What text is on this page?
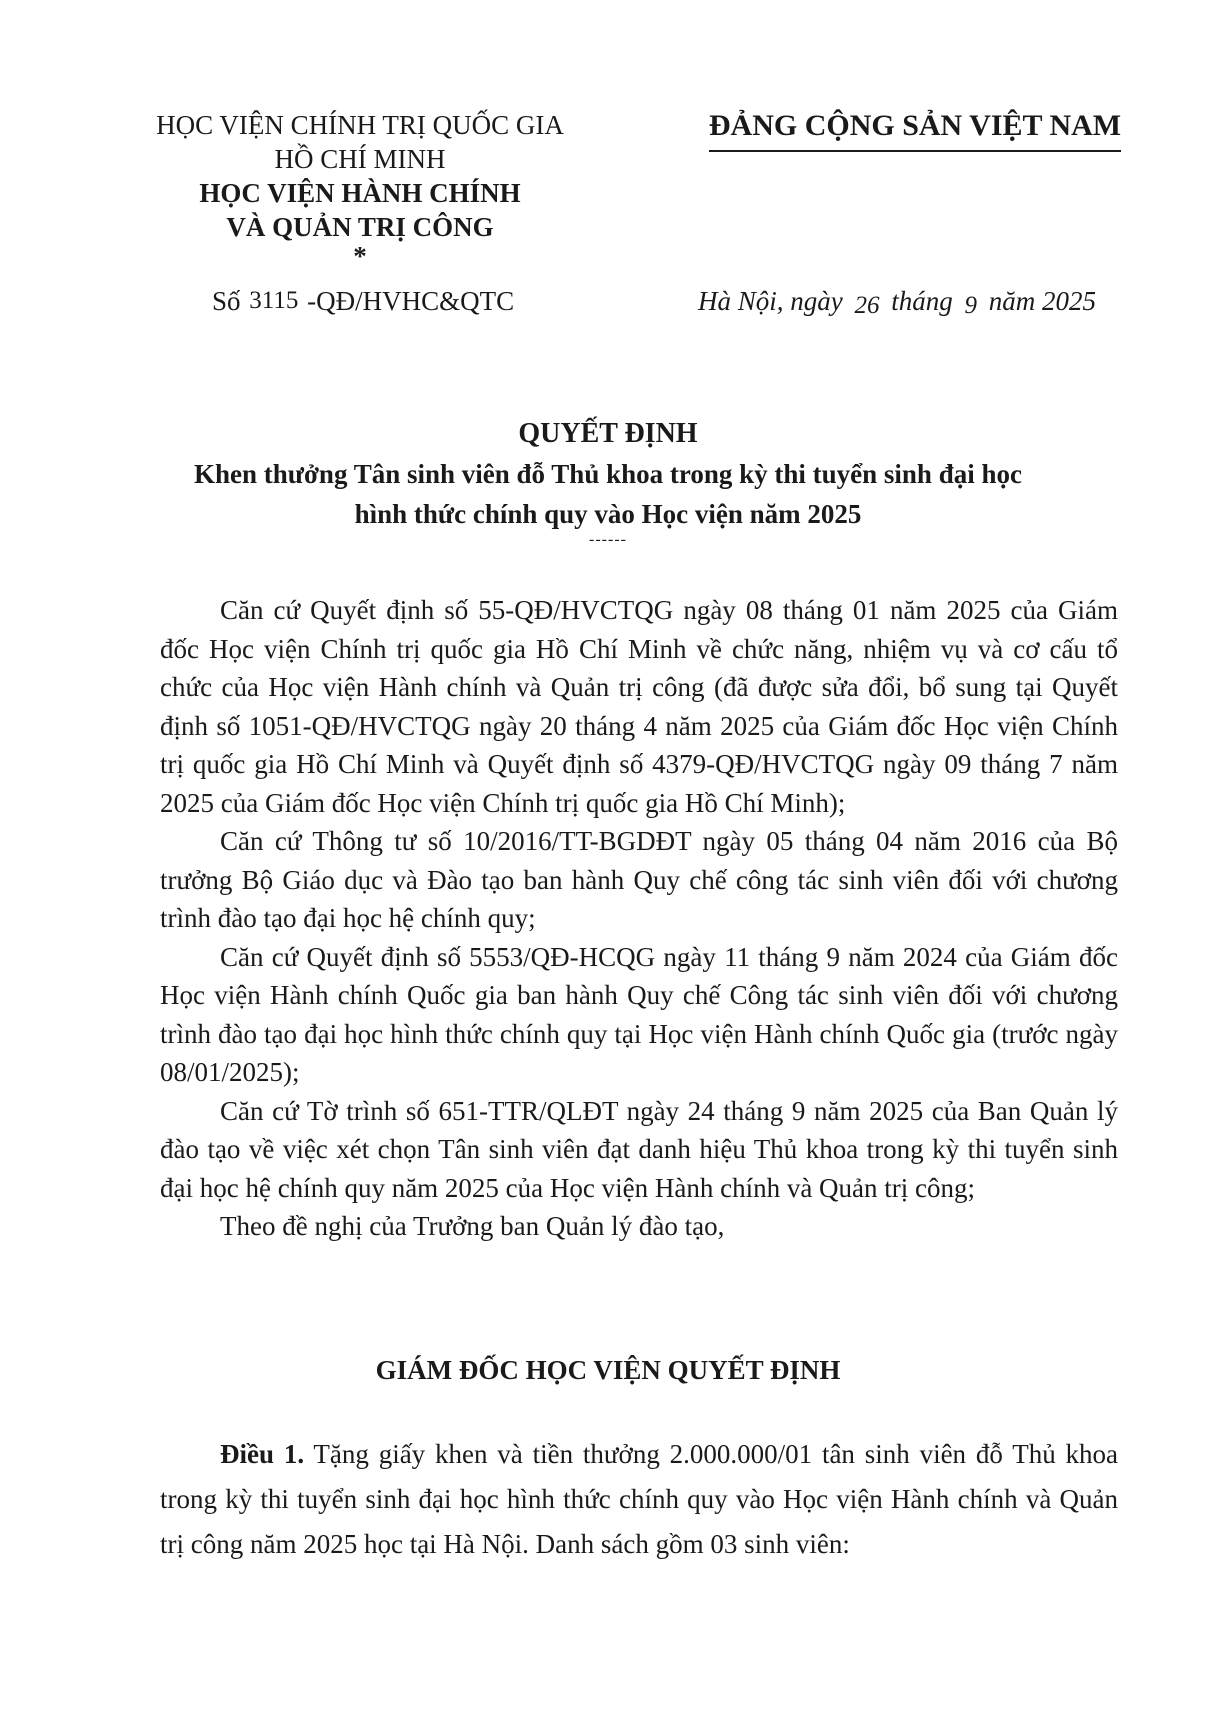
HỌC VIỆN CHÍNH TRỊ QUỐC GIA
HỒ CHÍ MINH
HỌC VIỆN HÀNH CHÍNH
VÀ QUẢN TRỊ CÔNG
*
ĐẢNG CỘNG SẢN VIỆT NAM
Số 3115 -QĐ/HVHC&QTC	Hà Nội, ngày 26 tháng 9 năm 2025
QUYẾT ĐỊNH
Khen thưởng Tân sinh viên đỗ Thủ khoa trong kỳ thi tuyển sinh đại học
hình thức chính quy vào Học viện năm 2025
------

Căn cứ Quyết định số 55-QĐ/HVCTQG ngày 08 tháng 01 năm 2025 của Giám đốc Học viện Chính trị quốc gia Hồ Chí Minh về chức năng, nhiệm vụ và cơ cấu tổ chức của Học viện Hành chính và Quản trị công (đã được sửa đổi, bổ sung tại Quyết định số 1051-QĐ/HVCTQG ngày 20 tháng 4 năm 2025 của Giám đốc Học viện Chính trị quốc gia Hồ Chí Minh và Quyết định số 4379-QĐ/HVCTQG ngày 09 tháng 7 năm 2025 của Giám đốc Học viện Chính trị quốc gia Hồ Chí Minh);

Căn cứ Thông tư số 10/2016/TT-BGDĐT ngày 05 tháng 04 năm 2016 của Bộ trưởng Bộ Giáo dục và Đào tạo ban hành Quy chế công tác sinh viên đối với chương trình đào tạo đại học hệ chính quy;

Căn cứ Quyết định số 5553/QĐ-HCQG ngày 11 tháng 9 năm 2024 của Giám đốc Học viện Hành chính Quốc gia ban hành Quy chế Công tác sinh viên đối với chương trình đào tạo đại học hình thức chính quy tại Học viện Hành chính Quốc gia (trước ngày 08/01/2025);

Căn cứ Tờ trình số 651-TTR/QLĐT ngày 24 tháng 9 năm 2025 của Ban Quản lý đào tạo về việc xét chọn Tân sinh viên đạt danh hiệu Thủ khoa trong kỳ thi tuyển sinh đại học hệ chính quy năm 2025 của Học viện Hành chính và Quản trị công;

Theo đề nghị của Trưởng ban Quản lý đào tạo,

GIÁM ĐỐC HỌC VIỆN QUYẾT ĐỊNH

Điều 1. Tặng giấy khen và tiền thưởng 2.000.000/01 tân sinh viên đỗ Thủ khoa trong kỳ thi tuyển sinh đại học hình thức chính quy vào Học viện Hành chính và Quản trị công năm 2025 học tại Hà Nội. Danh sách gồm 03 sinh viên:
